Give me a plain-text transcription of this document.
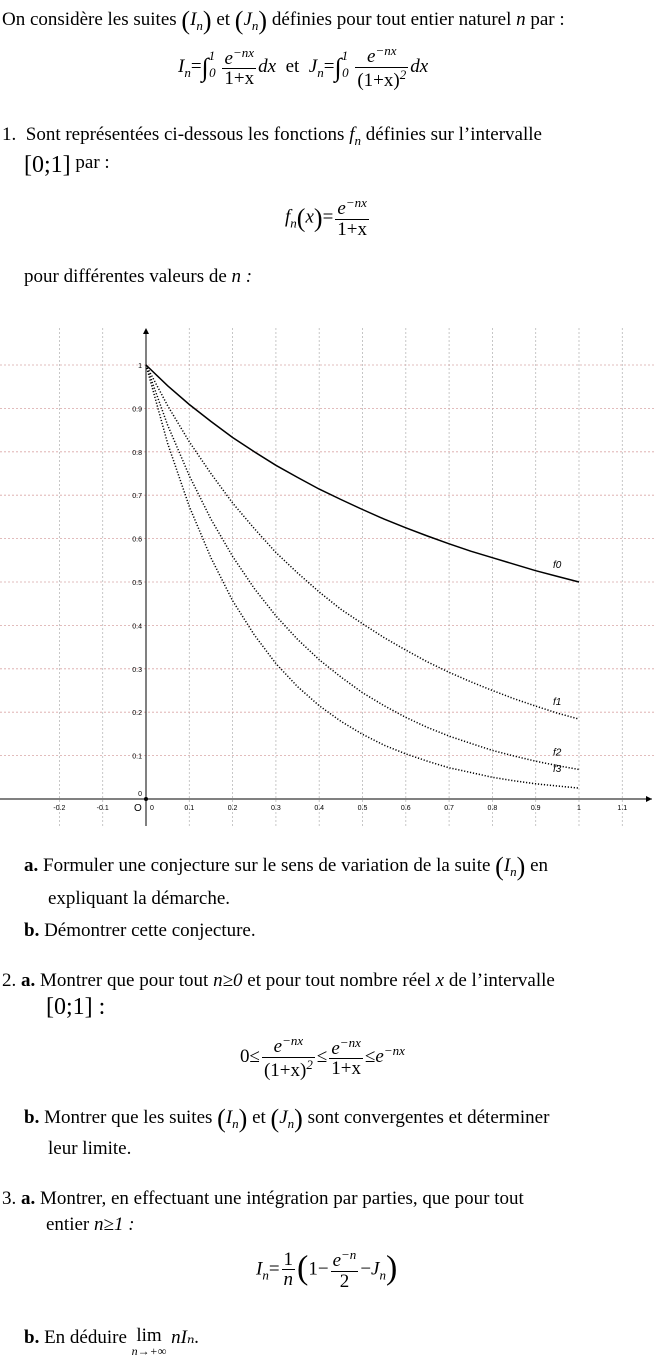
On considère les suites $(I_n)$ et $(J_n)$ définies pour tout entier naturel n par :
$I_n=\int^1_0 \frac{e^{-nx}}{1+x}$ dx et $J_n=\int^1_0 \frac{e^{-nx}}{(1+x)^2}$ dx
1. Sont représentées ci-dessous les fonctions $f_n$ définies sur l’intervalle
[0;1] par :
$f_n(x)= \frac{e^{-nx}}{1+x}$
pour différentes valeurs de n :
-0.2	-0.1	0	0.1	0.2	0.3	0.4	0.5	0.6	0.7	0.8	0.9	1	1.1
0
0.1
0.2
0.3
0.4
0.5
0.6
0.7
0.8
0.9
1
O
f0
f1
f2
f3
a. Formuler une conjecture sur le sens de variation de la suite $(I_n)$ en
expliquant la démarche.
b. Démontrer cette conjecture.
2. a. Montrer que pour tout n≥0 et pour tout nombre réel x de l’intervalle
[0;1] :
$0\le \frac{e^{-nx}}{(1+x)^2} \le \frac{e^{-nx}}{1+x} \le e^{-nx}$
b. Montrer que les suites $(I_n)$ et $(J_n)$ sont convergentes et déterminer
leur limite.
3. a. Montrer, en effectuant une intégration par parties, que pour tout
entier n≥1 :
$I_n= \frac{1}{n} (1- \frac{e^{-n}}{2} -J_n)$
b. En déduire lim
n→+∞
nIₙ.
